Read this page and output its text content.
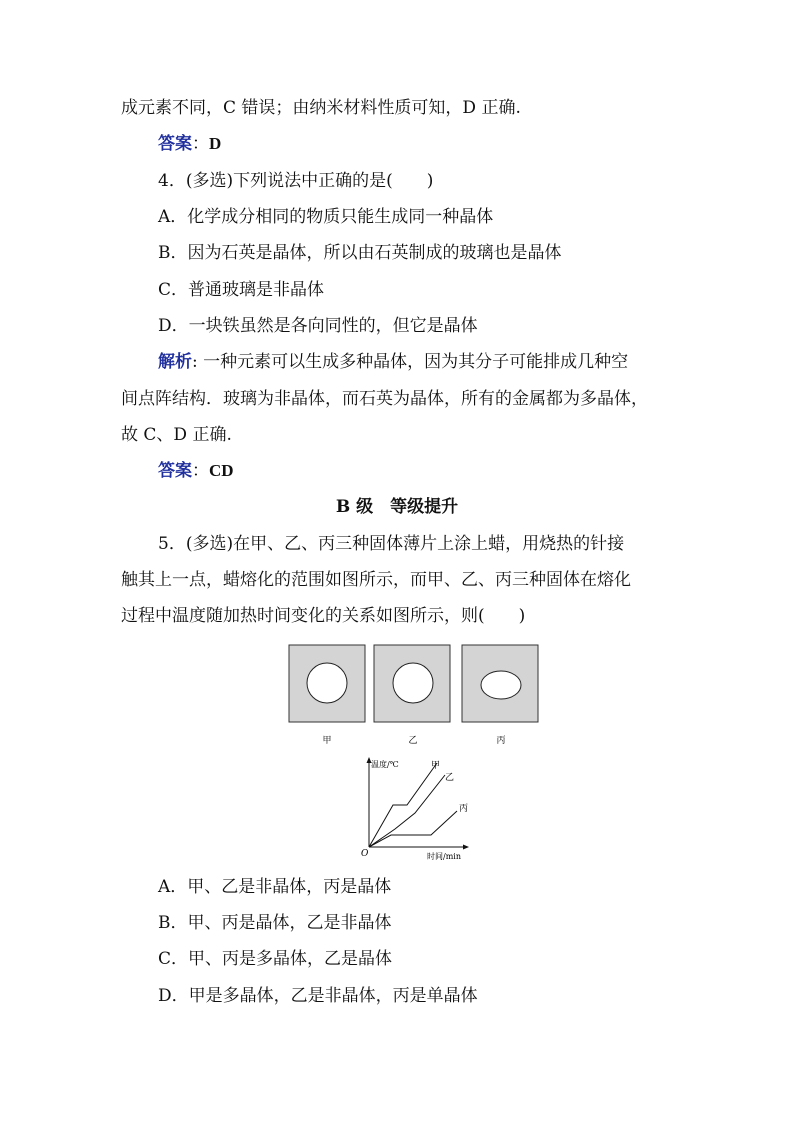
成元素不同，C 错误；由纳米材料性质可知，D 正确.
答案：D
4．(多选)下列说法中正确的是(　　)
A．化学成分相同的物质只能生成同一种晶体
B．因为石英是晶体，所以由石英制成的玻璃也是晶体
C．普通玻璃是非晶体
D．一块铁虽然是各向同性的，但它是晶体
解析: 一种元素可以生成多种晶体，因为其分子可能排成几种空
间点阵结构．玻璃为非晶体，而石英为晶体，所有的金属都为多晶体，
故 C、D 正确.
答案：CD
B 级　等级提升
5．(多选)在甲、乙、丙三种固体薄片上涂上蜡，用烧热的针接
触其上一点，蜡熔化的范围如图所示，而甲、乙、丙三种固体在熔化
过程中温度随加热时间变化的关系如图所示，则(　　)
甲	乙	丙
温度/℃	甲
乙
丙
O	时间/min
A．甲、乙是非晶体，丙是晶体
B．甲、丙是晶体，乙是非晶体
C．甲、丙是多晶体，乙是晶体
D．甲是多晶体，乙是非晶体，丙是单晶体
